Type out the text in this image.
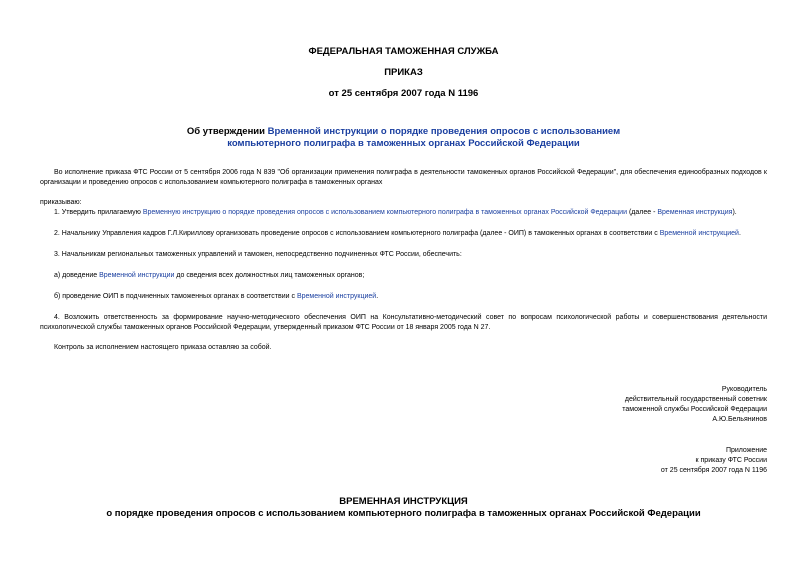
ФЕДЕРАЛЬНАЯ ТАМОЖЕННАЯ СЛУЖБА
ПРИКАЗ
от 25 сентября 2007 года N 1196
Об утверждении Временной инструкции о порядке проведения опросов с использованием
компьютерного полиграфа в таможенных органах Российской Федерации
Во исполнение приказа ФТС России от 5 сентября 2006 года N 839 "Об организации применения полиграфа в деятельности таможенных органов Российской Федерации", для обеспечения единообразных подходов к организации и проведению опросов с использованием компьютерного полиграфа в таможенных органах
приказываю:
1. Утвердить прилагаемую Временную инструкцию о порядке проведения опросов с использованием компьютерного полиграфа в таможенных органах Российской Федерации (далее - Временная инструкция).
2. Начальнику Управления кадров Г.Л.Кириллову организовать проведение опросов с использованием компьютерного полиграфа (далее - ОИП) в таможенных органах в соответствии с Временной инструкцией.
3. Начальникам региональных таможенных управлений и таможен, непосредственно подчиненных ФТС России, обеспечить:
а) доведение Временной инструкции до сведения всех должностных лиц таможенных органов;
б) проведение ОИП в подчиненных таможенных органах в соответствии с Временной инструкцией.
4. Возложить ответственность за формирование научно-методического обеспечения ОИП на Консультативно-методический совет по вопросам психологической работы и совершенствования деятельности психологической службы таможенных органов Российской Федерации, утвержденный приказом ФТС России от 18 января 2005 года N 27.
Контроль за исполнением настоящего приказа оставляю за собой.
Руководитель
действительный государственный советник
таможенной службы Российской Федерации
А.Ю.Бельянинов
Приложение
к приказу ФТС России
от 25 сентября 2007 года N 1196
ВРЕМЕННАЯ ИНСТРУКЦИЯ
о порядке проведения опросов с использованием компьютерного полиграфа в таможенных органах Российской Федерации
